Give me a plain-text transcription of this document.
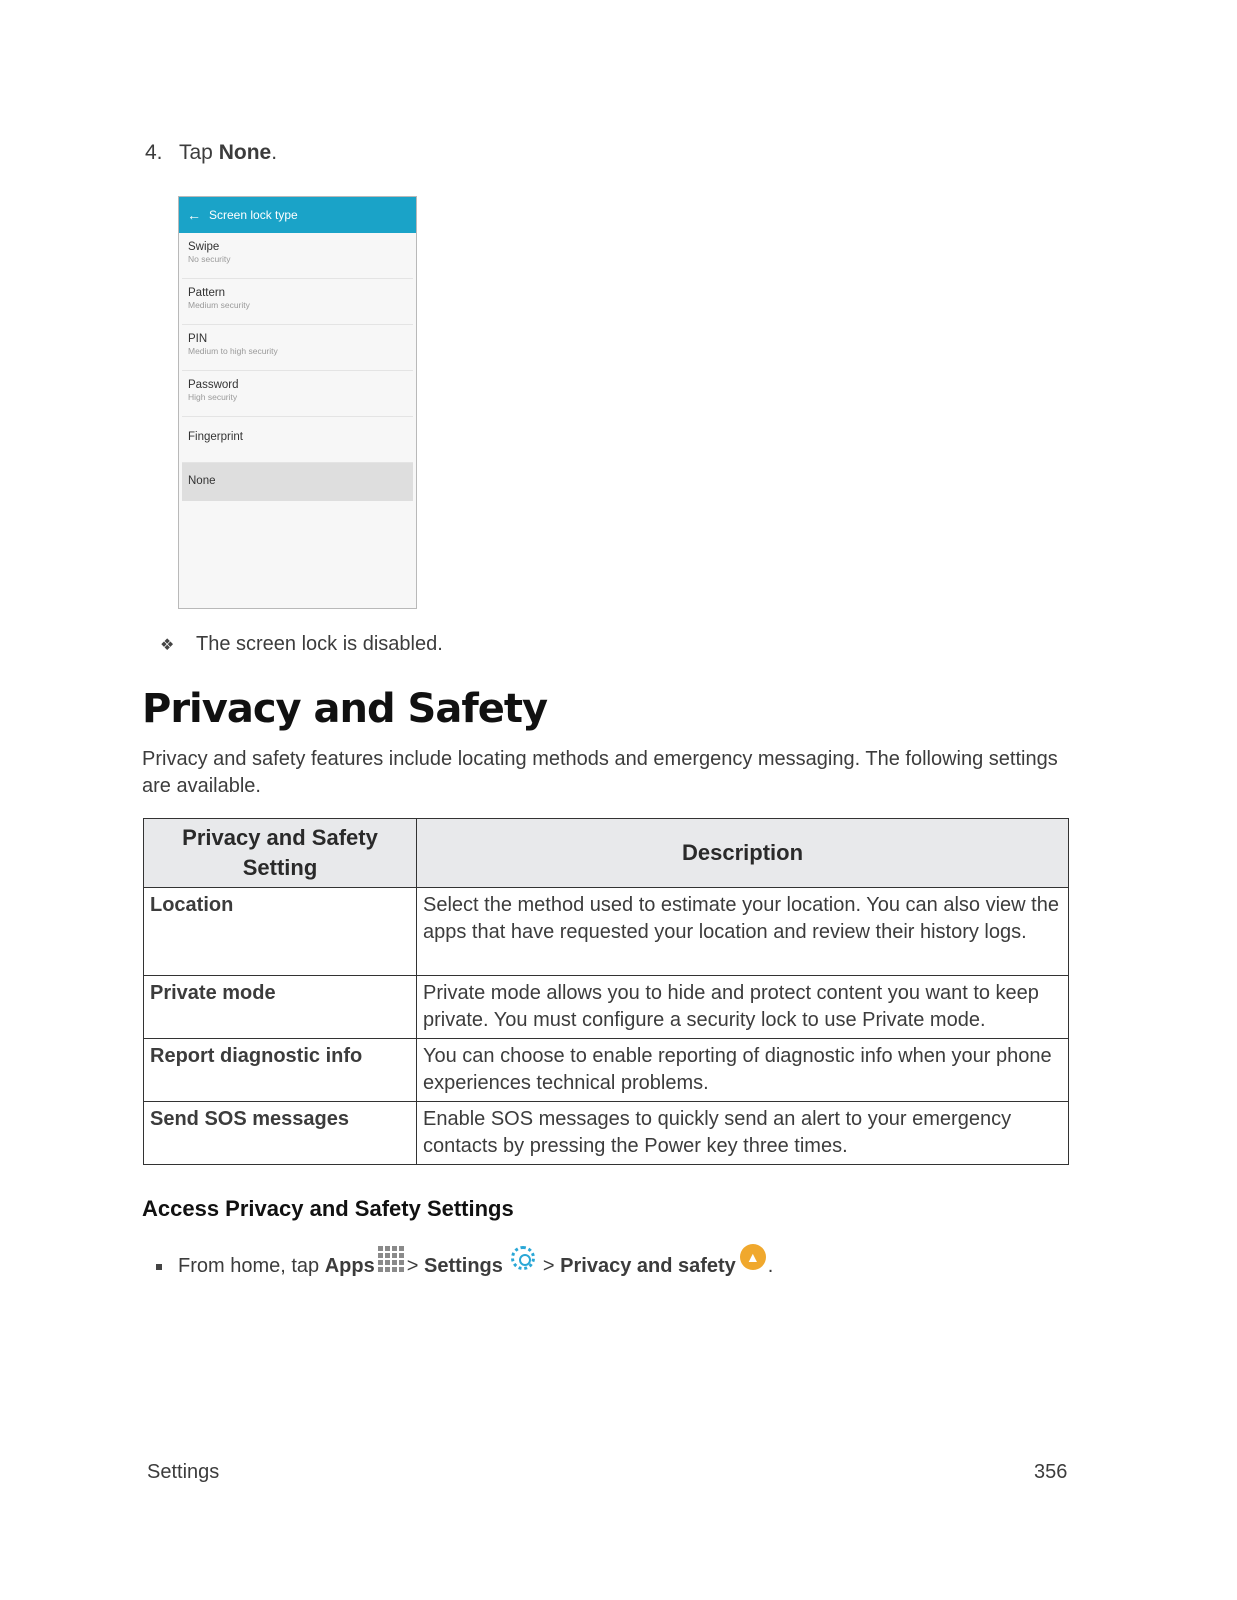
4. Tap None.
← Screen lock type
Swipe
No security
Pattern
Medium security
PIN
Medium to high security
Password
High security
Fingerprint
None
❖ The screen lock is disabled.
Privacy and Safety
Privacy and safety features include locating methods and emergency messaging. The following settings are available.
Privacy and Safety Setting	Description
Location	Select the method used to estimate your location. You can also view the apps that have requested your location and review their history logs.
Private mode	Private mode allows you to hide and protect content you want to keep private. You must configure a security lock to use Private mode.
Report diagnostic info	You can choose to enable reporting of diagnostic info when your phone experiences technical problems.
Send SOS messages	Enable SOS messages to quickly send an alert to your emergency contacts by pressing the Power key three times.
Access Privacy and Safety Settings
From home, tap
Apps >
Settings >
Privacy and safety ▲ .
Settings	356
